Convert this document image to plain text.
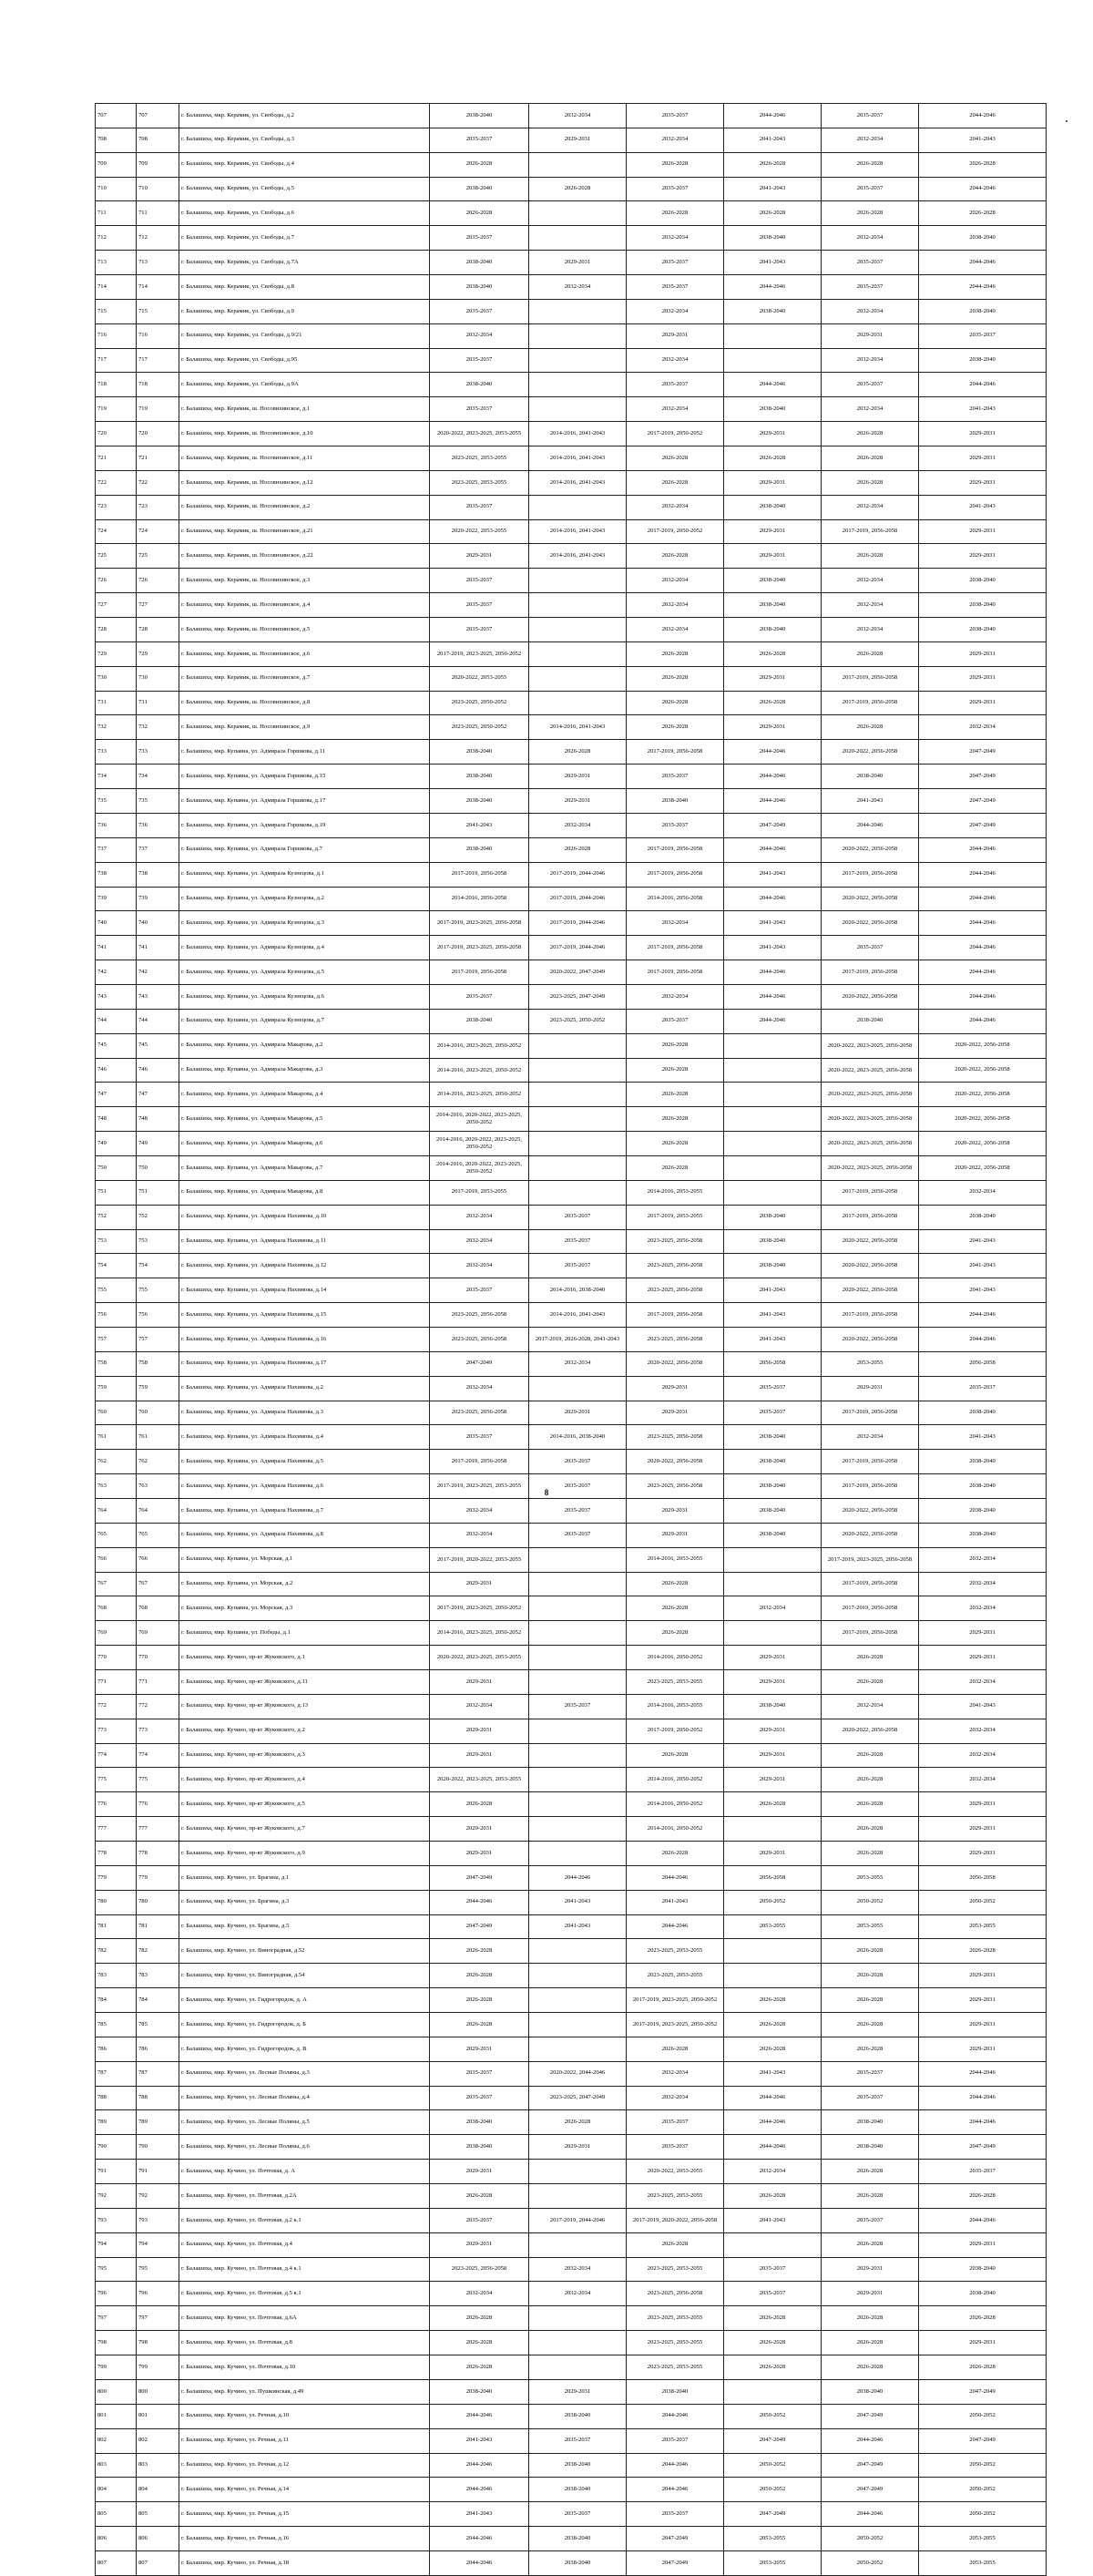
707	707	г. Балашиха, мкр. Керамик, ул. Свободы, д.2	2038-2040	2032-2034	2035-2037	2044-2046	2035-2037	2044-2046
708	708	г. Балашиха, мкр. Керамик, ул. Свободы, д.3	2035-2037	2029-2031	2032-2034	2041-2043	2032-2034	2041-2043
709	709	г. Балашиха, мкр. Керамик, ул. Свободы, д.4	2026-2028		2026-2028	2026-2028	2026-2028	2026-2028
710	710	г. Балашиха, мкр. Керамик, ул. Свободы, д.5	2038-2040	2026-2028	2035-2037	2041-2043	2035-2037	2044-2046
711	711	г. Балашиха, мкр. Керамик, ул. Свободы, д.6	2026-2028		2026-2028	2026-2028	2026-2028	2026-2028
712	712	г. Балашиха, мкр. Керамик, ул. Свободы, д.7	2035-2037		2032-2034	2038-2040	2032-2034	2038-2040
713	713	г. Балашиха, мкр. Керамик, ул. Свободы, д.7А	2038-2040	2029-2031	2035-2037	2041-2043	2035-2037	2044-2046
714	714	г. Балашиха, мкр. Керамик, ул. Свободы, д.8	2038-2040	2032-2034	2035-2037	2044-2046	2035-2037	2044-2046
715	715	г. Балашиха, мкр. Керамик, ул. Свободы, д.9	2035-2037		2032-2034	2038-2040	2032-2034	2038-2040
716	716	г. Балашиха, мкр. Керамик, ул. Свободы, д.9/21	2032-2034		2029-2031		2029-2031	2035-2037
717	717	г. Балашиха, мкр. Керамик, ул. Свободы, д.95	2035-2037		2032-2034		2032-2034	2038-2040
718	718	г. Балашиха, мкр. Керамик, ул. Свободы, д.9А	2038-2040		2035-2037	2044-2046	2035-2037	2044-2046
719	719	г. Балашиха, мкр. Керамик, ш. Носовихинское, д.1	2035-2037		2032-2034	2038-2040	2032-2034	2041-2043
720	720	г. Балашиха, мкр. Керамик, ш. Носовихинское, д.10	2020-2022, 2023-2025, 2053-2055	2014-2016, 2041-2043	2017-2019, 2050-2052	2029-2031	2026-2028	2029-2031
721	721	г. Балашиха, мкр. Керамик, ш. Носовихинское, д.11	2023-2025, 2053-2055	2014-2016, 2041-2043	2026-2028	2026-2028	2026-2028	2029-2031
722	722	г. Балашиха, мкр. Керамик, ш. Носовихинское, д.12	2023-2025, 2053-2055	2014-2016, 2041-2043	2026-2028	2029-2031	2026-2028	2029-2031
723	723	г. Балашиха, мкр. Керамик, ш. Носовихинское, д.2	2035-2037		2032-2034	2038-2040	2032-2034	2041-2043
724	724	г. Балашиха, мкр. Керамик, ш. Носовихинское, д.21	2020-2022, 2053-2055	2014-2016, 2041-2043	2017-2019, 2050-2052	2029-2031	2017-2019, 2056-2058	2029-2031
725	725	г. Балашиха, мкр. Керамик, ш. Носовихинское, д.22	2029-2031	2014-2016, 2041-2043	2026-2028	2029-2031	2026-2028	2029-2031
726	726	г. Балашиха, мкр. Керамик, ш. Носовихинское, д.3	2035-2037		2032-2034	2038-2040	2032-2034	2038-2040
727	727	г. Балашиха, мкр. Керамик, ш. Носовихинское, д.4	2035-2037		2032-2034	2038-2040	2032-2034	2038-2040
728	728	г. Балашиха, мкр. Керамик, ш. Носовихинское, д.5	2035-2037		2032-2034	2038-2040	2032-2034	2038-2040
729	729	г. Балашиха, мкр. Керамик, ш. Носовихинское, д.6	2017-2019, 2023-2025, 2050-2052		2026-2028	2026-2028	2026-2028	2029-2031
730	730	г. Балашиха, мкр. Керамик, ш. Носовихинское, д.7	2020-2022, 2053-2055		2026-2028	2029-2031	2017-2019, 2056-2058	2029-2031
731	731	г. Балашиха, мкр. Керамик, ш. Носовихинское, д.8	2023-2025, 2050-2052		2026-2028	2026-2028	2017-2019, 2056-2058	2029-2031
732	732	г. Балашиха, мкр. Керамик, ш. Носовихинское, д.9	2023-2025, 2050-2052	2014-2016, 2041-2043	2026-2028	2029-2031	2026-2028	2032-2034
733	733	г. Балашиха, мкр. Купавна, ул. Адмирала Горшкова, д.11	2038-2040	2026-2028	2017-2019, 2056-2058	2044-2046	2020-2022, 2056-2058	2047-2049
734	734	г. Балашиха, мкр. Купавна, ул. Адмирала Горшкова, д.15	2038-2040	2029-2031	2035-2037	2044-2046	2038-2040	2047-2049
735	735	г. Балашиха, мкр. Купавна, ул. Адмирала Горшкова, д.17	2038-2040	2029-2031	2038-2040	2044-2046	2041-2043	2047-2049
736	736	г. Балашиха, мкр. Купавна, ул. Адмирала Горшкова, д.19	2041-2043	2032-2034	2035-2037	2047-2049	2044-2046	2047-2049
737	737	г. Балашиха, мкр. Купавна, ул. Адмирала Горшкова, д.7	2038-2040	2026-2028	2017-2019, 2056-2058	2044-2046	2020-2022, 2056-2058	2044-2046
738	738	г. Балашиха, мкр. Купавна, ул. Адмирала Кузнецова, д.1	2017-2019, 2056-2058	2017-2019, 2044-2046	2017-2019, 2056-2058	2041-2043	2017-2019, 2056-2058	2044-2046
739	739	г. Балашиха, мкр. Купавна, ул. Адмирала Кузнецова, д.2	2014-2016, 2056-2058	2017-2019, 2044-2046	2014-2016, 2056-2058	2044-2046	2020-2022, 2056-2058	2044-2046
740	740	г. Балашиха, мкр. Купавна, ул. Адмирала Кузнецова, д.3	2017-2019, 2023-2025, 2056-2058	2017-2019, 2044-2046	2032-2034	2041-2043	2020-2022, 2056-2058	2044-2046
741	741	г. Балашиха, мкр. Купавна, ул. Адмирала Кузнецова, д.4	2017-2019, 2023-2025, 2056-2058	2017-2019, 2044-2046	2017-2019, 2056-2058	2041-2043	2035-2037	2044-2046
742	742	г. Балашиха, мкр. Купавна, ул. Адмирала Кузнецова, д.5	2017-2019, 2056-2058	2020-2022, 2047-2049	2017-2019, 2056-2058	2044-2046	2017-2019, 2056-2058	2044-2046
743	743	г. Балашиха, мкр. Купавна, ул. Адмирала Кузнецова, д.6	2035-2037	2023-2025, 2047-2049	2032-2034	2044-2046	2020-2022, 2056-2058	2044-2046
744	744	г. Балашиха, мкр. Купавна, ул. Адмирала Кузнецова, д.7	2038-2040	2023-2025, 2050-2052	2035-2037	2044-2046	2038-2040	2044-2046
745	745	г. Балашиха, мкр. Купавна, ул. Адмирала Макарова, д.2	2014-2016, 2023-2025, 2050-2052		2026-2028		2020-2022, 2023-2025, 2056-2058	2020-2022, 2056-2058
746	746	г. Балашиха, мкр. Купавна, ул. Адмирала Макарова, д.3	2014-2016, 2023-2025, 2050-2052		2026-2028		2020-2022, 2023-2025, 2056-2058	2020-2022, 2056-2058
747	747	г. Балашиха, мкр. Купавна, ул. Адмирала Макарова, д.4	2014-2016, 2023-2025, 2050-2052		2026-2028		2020-2022, 2023-2025, 2056-2058	2020-2022, 2056-2058
748	748	г. Балашиха, мкр. Купавна, ул. Адмирала Макарова, д.5	2014-2016, 2020-2022, 2023-2025, 2050-2052		2026-2028		2020-2022, 2023-2025, 2056-2058	2020-2022, 2056-2058
749	749	г. Балашиха, мкр. Купавна, ул. Адмирала Макарова, д.6	2014-2016, 2020-2022, 2023-2025, 2050-2052		2026-2028		2020-2022, 2023-2025, 2056-2058	2020-2022, 2056-2058
750	750	г. Балашиха, мкр. Купавна, ул. Адмирала Макарова, д.7	2014-2016, 2020-2022, 2023-2025, 2050-2052		2026-2028		2020-2022, 2023-2025, 2056-2058	2020-2022, 2056-2058
751	751	г. Балашиха, мкр. Купавна, ул. Адмирала Макарова, д.8	2017-2019, 2053-2055		2014-2016, 2053-2055		2017-2019, 2056-2058	2032-2034
752	752	г. Балашиха, мкр. Купавна, ул. Адмирала Нахимова, д.10	2032-2034	2035-2037	2017-2019, 2053-2055	2038-2040	2017-2019, 2056-2058	2038-2040
753	753	г. Балашиха, мкр. Купавна, ул. Адмирала Нахимова, д.11	2032-2034	2035-2037	2023-2025, 2056-2058	2038-2040	2020-2022, 2056-2058	2041-2043
754	754	г. Балашиха, мкр. Купавна, ул. Адмирала Нахимова, д.12	2032-2034	2035-2037	2023-2025, 2056-2058	2038-2040	2020-2022, 2056-2058	2041-2043
755	755	г. Балашиха, мкр. Купавна, ул. Адмирала Нахимова, д.14	2035-2037	2014-2016, 2038-2040	2023-2025, 2056-2058	2041-2043	2020-2022, 2056-2058	2041-2043
756	756	г. Балашиха, мкр. Купавна, ул. Адмирала Нахимова, д.15	2023-2025, 2056-2058	2014-2016, 2041-2043	2017-2019, 2056-2058	2041-2043	2017-2019, 2056-2058	2044-2046
757	757	г. Балашиха, мкр. Купавна, ул. Адмирала Нахимова, д.16	2023-2025, 2056-2058	2017-2019, 2026-2028, 2041-2043	2023-2025, 2056-2058	2041-2043	2020-2022, 2056-2058	2044-2046
758	758	г. Балашиха, мкр. Купавна, ул. Адмирала Нахимова, д.17	2047-2049	2032-2034	2020-2022, 2056-2058	2056-2058	2053-2055	2056-2058
759	759	г. Балашиха, мкр. Купавна, ул. Адмирала Нахимова, д.2	2032-2034		2029-2031	2035-2037	2029-2031	2035-2037
760	760	г. Балашиха, мкр. Купавна, ул. Адмирала Нахимова, д.3	2023-2025, 2056-2058	2029-2031	2029-2031	2035-2037	2017-2019, 2056-2058	2038-2040
761	761	г. Балашиха, мкр. Купавна, ул. Адмирала Нахимова, д.4	2035-2037	2014-2016, 2038-2040	2023-2025, 2056-2058	2038-2040	2032-2034	2041-2043
762	762	г. Балашиха, мкр. Купавна, ул. Адмирала Нахимова, д.5	2017-2019, 2056-2058	2035-2037	2020-2022, 2056-2058	2038-2040	2017-2019, 2056-2058	2038-2040
763	763	г. Балашиха, мкр. Купавна, ул. Адмирала Нахимова, д.6	2017-2019, 2023-2025, 2053-2055	2035-2037	2023-2025, 2056-2058	2038-2040	2017-2019, 2056-2058	2038-2040
764	764	г. Балашиха, мкр. Купавна, ул. Адмирала Нахимова, д.7	2032-2034	2035-2037	2029-2031	2038-2040	2020-2022, 2056-2058	2038-2040
765	765	г. Балашиха, мкр. Купавна, ул. Адмирала Нахимова, д.8	2032-2034	2035-2037	2029-2031	2038-2040	2020-2022, 2056-2058	2038-2040
766	766	г. Балашиха, мкр. Купавна, ул. Морская, д.1	2017-2019, 2020-2022, 2053-2055		2014-2016, 2053-2055		2017-2019, 2023-2025, 2056-2058	2032-2034
767	767	г. Балашиха, мкр. Купавна, ул. Морская, д.2	2029-2031		2026-2028		2017-2019, 2056-2058	2032-2034
768	768	г. Балашиха, мкр. Купавна, ул. Морская, д.3	2017-2019, 2023-2025, 2050-2052		2026-2028	2032-2034	2017-2019, 2056-2058	2032-2034
769	769	г. Балашиха, мкр. Купавна, ул. Победы, д.1	2014-2016, 2023-2025, 2050-2052		2026-2028		2017-2019, 2056-2058	2029-2031
770	770	г. Балашиха, мкр. Кучино, пр-кт Жуковского, д.1	2020-2022, 2023-2025, 2053-2055		2014-2016, 2050-2052	2029-2031	2026-2028	2029-2031
771	771	г. Балашиха, мкр. Кучино, пр-кт Жуковского, д.11	2029-2031		2023-2025, 2053-2055	2029-2031	2026-2028	2032-2034
772	772	г. Балашиха, мкр. Кучино, пр-кт Жуковского, д.13	2032-2034	2035-2037	2014-2016, 2053-2055	2038-2040	2032-2034	2041-2043
773	773	г. Балашиха, мкр. Кучино, пр-кт Жуковского, д.2	2029-2031		2017-2019, 2050-2052	2029-2031	2020-2022, 2056-2058	2032-2034
774	774	г. Балашиха, мкр. Кучино, пр-кт Жуковского, д.3	2029-2031		2026-2028	2029-2031	2026-2028	2032-2034
775	775	г. Балашиха, мкр. Кучино, пр-кт Жуковского, д.4	2020-2022, 2023-2025, 2053-2055		2014-2016, 2050-2052	2029-2031	2026-2028	2032-2034
776	776	г. Балашиха, мкр. Кучино, пр-кт Жуковского, д.5	2026-2028		2014-2016, 2050-2052	2026-2028	2026-2028	2029-2031
777	777	г. Балашиха, мкр. Кучино, пр-кт Жуковского, д.7	2029-2031		2014-2016, 2050-2052		2026-2028	2029-2031
778	778	г. Балашиха, мкр. Кучино, пр-кт Жуковского, д.9	2029-2031		2026-2028	2029-2031	2026-2028	2029-2031
779	779	г. Балашиха, мкр. Кучино, ул. Брагина, д.1	2047-2049	2044-2046	2044-2046	2056-2058	2053-2055	2056-2058
780	780	г. Балашиха, мкр. Кучино, ул. Брагина, д.3	2044-2046	2041-2043	2041-2043	2050-2052	2050-2052	2050-2052
781	781	г. Балашиха, мкр. Кучино, ул. Брагина, д.5	2047-2049	2041-2043	2044-2046	2053-2055	2053-2055	2053-2055
782	782	г. Балашиха, мкр. Кучино, ул. Виноградная, д.52	2026-2028		2023-2025, 2053-2055		2026-2028	2026-2028
783	783	г. Балашиха, мкр. Кучино, ул. Виноградная, д.54	2026-2028		2023-2025, 2053-2055		2026-2028	2029-2031
784	784	г. Балашиха, мкр. Кучино, ул. Гидрогородок, д. А	2026-2028		2017-2019, 2023-2025, 2050-2052	2026-2028	2026-2028	2029-2031
785	785	г. Балашиха, мкр. Кучино, ул. Гидрогородок, д. Б	2026-2028		2017-2019, 2023-2025, 2050-2052	2026-2028	2026-2028	2029-2031
786	786	г. Балашиха, мкр. Кучино, ул. Гидрогородок, д. В	2029-2031		2026-2028	2026-2028	2026-2028	2029-2031
787	787	г. Балашиха, мкр. Кучино, ул. Лесные Поляны, д.3	2035-2037	2020-2022, 2044-2046	2032-2034	2041-2043	2035-2037	2044-2046
788	788	г. Балашиха, мкр. Кучино, ул. Лесные Поляны, д.4	2035-2037	2023-2025, 2047-2049	2032-2034	2044-2046	2035-2037	2044-2046
789	789	г. Балашиха, мкр. Кучино, ул. Лесные Поляны, д.5	2038-2040	2026-2028	2035-2037	2044-2046	2038-2040	2044-2046
790	790	г. Балашиха, мкр. Кучино, ул. Лесные Поляны, д.6	2038-2040	2029-2031	2035-2037	2044-2046	2038-2040	2047-2049
791	791	г. Балашиха, мкр. Кучино, ул. Почтовая, д. А	2029-2031		2020-2022, 2053-2055	2032-2034	2026-2028	2035-2037
792	792	г. Балашиха, мкр. Кучино, ул. Почтовая, д.2А	2026-2028		2023-2025, 2053-2055	2026-2028	2026-2028	2026-2028
793	793	г. Балашиха, мкр. Кучино, ул. Почтовая, д.2 к.1	2035-2037	2017-2019, 2044-2046	2017-2019, 2020-2022, 2056-2058	2041-2043	2035-2037	2044-2046
794	794	г. Балашиха, мкр. Кучино, ул. Почтовая, д.4	2029-2031		2026-2028		2026-2028	2029-2031
795	795	г. Балашиха, мкр. Кучино, ул. Почтовая, д.4 к.1	2023-2025, 2056-2058	2032-2034	2023-2025, 2053-2055	2035-2037	2029-2031	2038-2040
796	796	г. Балашиха, мкр. Кучино, ул. Почтовая, д.5 к.1	2032-2034	2032-2034	2023-2025, 2056-2058	2035-2037	2029-2031	2038-2040
797	797	г. Балашиха, мкр. Кучино, ул. Почтовая, д.6А	2026-2028		2023-2025, 2053-2055	2026-2028	2026-2028	2026-2028
798	798	г. Балашиха, мкр. Кучино, ул. Почтовая, д.8	2026-2028		2023-2025, 2053-2055	2026-2028	2026-2028	2029-2031
799	799	г. Балашиха, мкр. Кучино, ул. Почтовая, д.10	2026-2028		2023-2025, 2053-2055	2026-2028	2026-2028	2026-2028
800	800	г. Балашиха, мкр. Кучино, ул. Пушкинская, д.49	2038-2040	2029-2031	2038-2040		2038-2040	2047-2049
801	801	г. Балашиха, мкр. Кучино, ул. Речная, д.10	2044-2046	2038-2040	2044-2046	2050-2052	2047-2049	2050-2052
802	802	г. Балашиха, мкр. Кучино, ул. Речная, д.11	2041-2043	2035-2037	2035-2037	2047-2049	2044-2046	2047-2049
803	803	г. Балашиха, мкр. Кучино, ул. Речная, д.12	2044-2046	2038-2040	2044-2046	2050-2052	2047-2049	2050-2052
804	804	г. Балашиха, мкр. Кучино, ул. Речная, д.14	2044-2046	2038-2040	2044-2046	2050-2052	2047-2049	2050-2052
805	805	г. Балашиха, мкр. Кучино, ул. Речная, д.15	2041-2043	2035-2037	2035-2037	2047-2049	2044-2046	2050-2052
806	806	г. Балашиха, мкр. Кучино, ул. Речная, д.16	2044-2046	2038-2040	2047-2049	2053-2055	2050-2052	2053-2055
807	807	г. Балашиха, мкр. Кучино, ул. Речная, д.18	2044-2046	2038-2040	2047-2049	2053-2055	2050-2052	2053-2055
8
